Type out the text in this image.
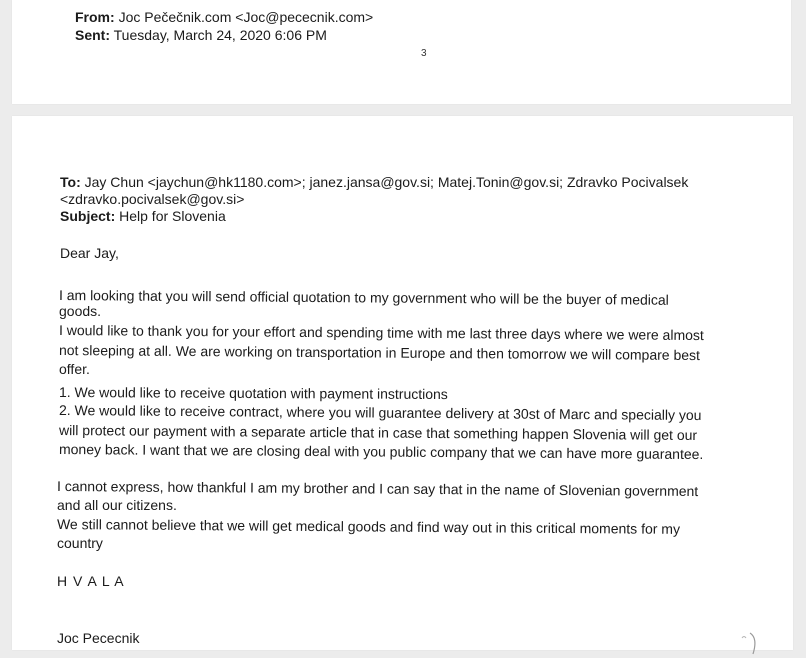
From: Joc Pečečnik.com <Joc@pececnik.com>
Sent: Tuesday, March 24, 2020 6:06 PM
3
To: Jay Chun <jaychun@hk1180.com>; janez.jansa@gov.si; Matej.Tonin@gov.si; Zdravko Pocivalsek
<zdravko.pocivalsek@gov.si>
Subject: Help for Slovenia
Dear Jay,
I am looking that you will send official quotation to my government who will be the buyer of medical
goods.
I would like to thank you for your effort and spending time with me last three days where we were almost
not sleeping at all. We are working on transportation in Europe and then tomorrow we will compare best
offer.
1. We would like to receive quotation with payment instructions
2. We would like to receive contract, where you will guarantee delivery at 30st of Marc and specially you
will protect our payment with a separate article that in case that something happen Slovenia will get our
money back. I want that we are closing deal with you public company that we can have more guarantee.
I cannot express, how thankful I am my brother and I can say that in the name of Slovenian government
and all our citizens.
We still cannot believe that we will get medical goods and find way out in this critical moments for my
country
H V A L A
Joc Pececnik
